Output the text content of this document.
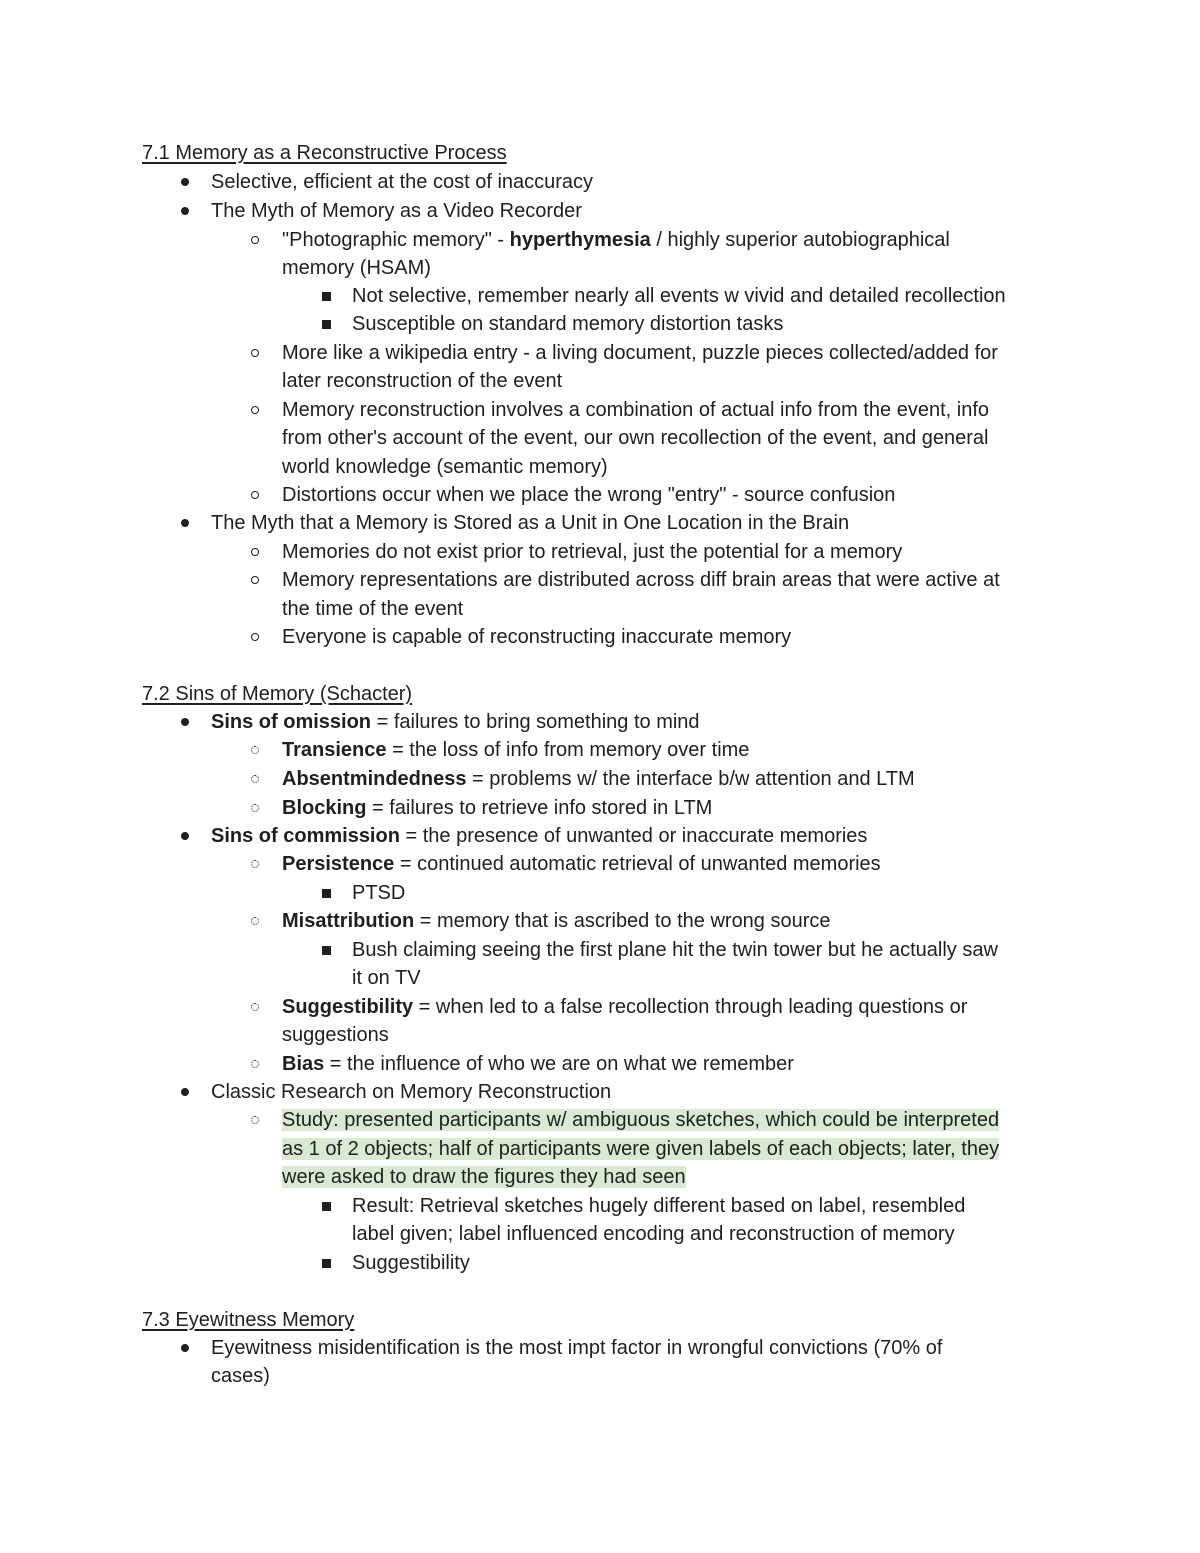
7.1 Memory as a Reconstructive Process
Selective, efficient at the cost of inaccuracy
The Myth of Memory as a Video Recorder
"Photographic memory" - hyperthymesia / highly superior autobiographical
memory (HSAM)
Not selective, remember nearly all events w vivid and detailed recollection
Susceptible on standard memory distortion tasks
More like a wikipedia entry - a living document, puzzle pieces collected/added for
later reconstruction of the event
Memory reconstruction involves a combination of actual info from the event, info
from other's account of the event, our own recollection of the event, and general
world knowledge (semantic memory)
Distortions occur when we place the wrong "entry" - source confusion
The Myth that a Memory is Stored as a Unit in One Location in the Brain
Memories do not exist prior to retrieval, just the potential for a memory
Memory representations are distributed across diff brain areas that were active at
the time of the event
Everyone is capable of reconstructing inaccurate memory
7.2 Sins of Memory (Schacter)
Sins of omission = failures to bring something to mind
Transience = the loss of info from memory over time
Absentmindedness = problems w/ the interface b/w attention and LTM
Blocking = failures to retrieve info stored in LTM
Sins of commission = the presence of unwanted or inaccurate memories
Persistence = continued automatic retrieval of unwanted memories
PTSD
Misattribution = memory that is ascribed to the wrong source
Bush claiming seeing the first plane hit the twin tower but he actually saw
it on TV
Suggestibility = when led to a false recollection through leading questions or
suggestions
Bias = the influence of who we are on what we remember
Classic Research on Memory Reconstruction
Study: presented participants w/ ambiguous sketches, which could be interpreted
as 1 of 2 objects; half of participants were given labels of each objects; later, they
were asked to draw the figures they had seen
Result: Retrieval sketches hugely different based on label, resembled
label given; label influenced encoding and reconstruction of memory
Suggestibility
7.3 Eyewitness Memory
Eyewitness misidentification is the most impt factor in wrongful convictions (70% of
cases)
